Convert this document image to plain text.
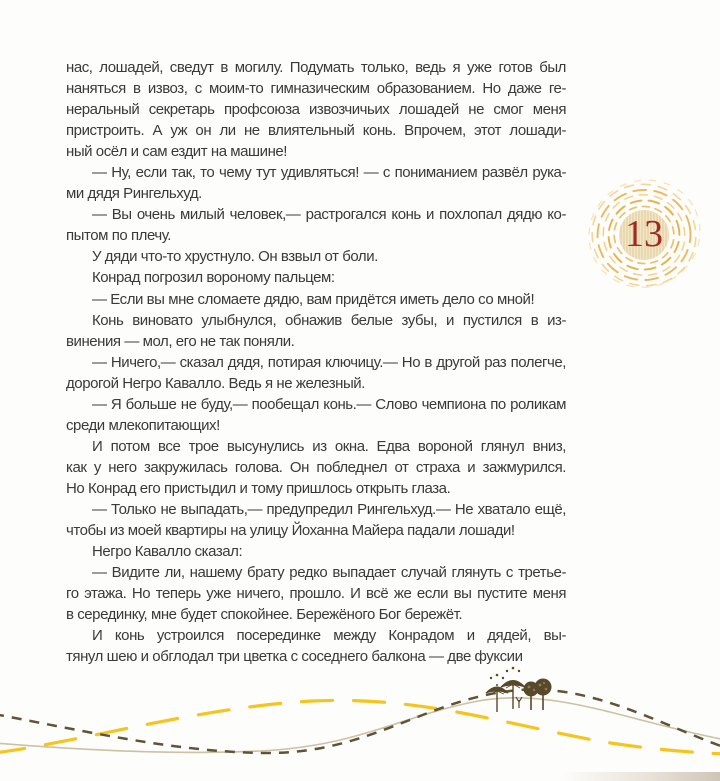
нас, лошадей, сведут в могилу. Подумать только, ведь я уже готов был
наняться в извоз, с моим-то гимназическим образованием. Но даже ге-
неральный секретарь профсоюза извозчичьих лошадей не смог меня
пристроить. А уж он ли не влиятельный конь. Впрочем, этот лошади-
ный осёл и сам ездит на машине!
— Ну, если так, то чему тут удивляться! — с пониманием развёл рука-
ми дядя Рингельхуд.
— Вы очень милый человек,— растрогался конь и похлопал дядю ко-
пытом по плечу.
У дяди что-то хрустнуло. Он взвыл от боли.
Конрад погрозил вороному пальцем:
— Если вы мне сломаете дядю, вам придётся иметь дело со мной!
Конь виновато улыбнулся, обнажив белые зубы, и пустился в из-
винения — мол, его не так поняли.
— Ничего,— сказал дядя, потирая ключицу.— Но в другой раз полегче,
дорогой Негро Кавалло. Ведь я не железный.
— Я больше не буду,— пообещал конь.— Слово чемпиона по роликам
среди млекопитающих!
И потом все трое высунулись из окна. Едва вороной глянул вниз,
как у него закружилась голова. Он побледнел от страха и зажмурился.
Но Конрад его пристыдил и тому пришлось открыть глаза.
— Только не выпадать,— предупредил Рингельхуд.— Не хватало ещё,
чтобы из моей квартиры на улицу Йоханна Майера падали лошади!
Негро Кавалло сказал:
— Видите ли, нашему брату редко выпадает случай глянуть с третье-
го этажа. Но теперь уже ничего, прошло. И всё же если вы пустите меня
в серединку, мне будет спокойнее. Бережёного Бог бережёт.
И конь устроился посерединке между Конрадом и дядей, вы-
тянул шею и обглодал три цветка с соседнего балкона — две фуксии
13
